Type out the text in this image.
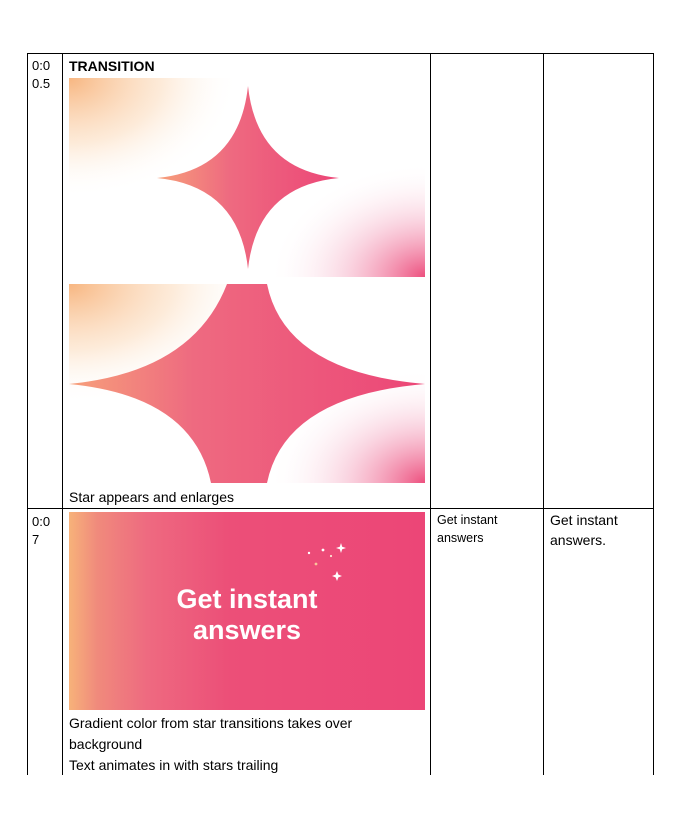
0:0
0.5
TRANSITION
Star appears and enlarges
0:0
7
Get instant
answers
Gradient color from star transitions takes over
background
Text animates in with stars trailing
Get instant
answers
Get instant
answers.
